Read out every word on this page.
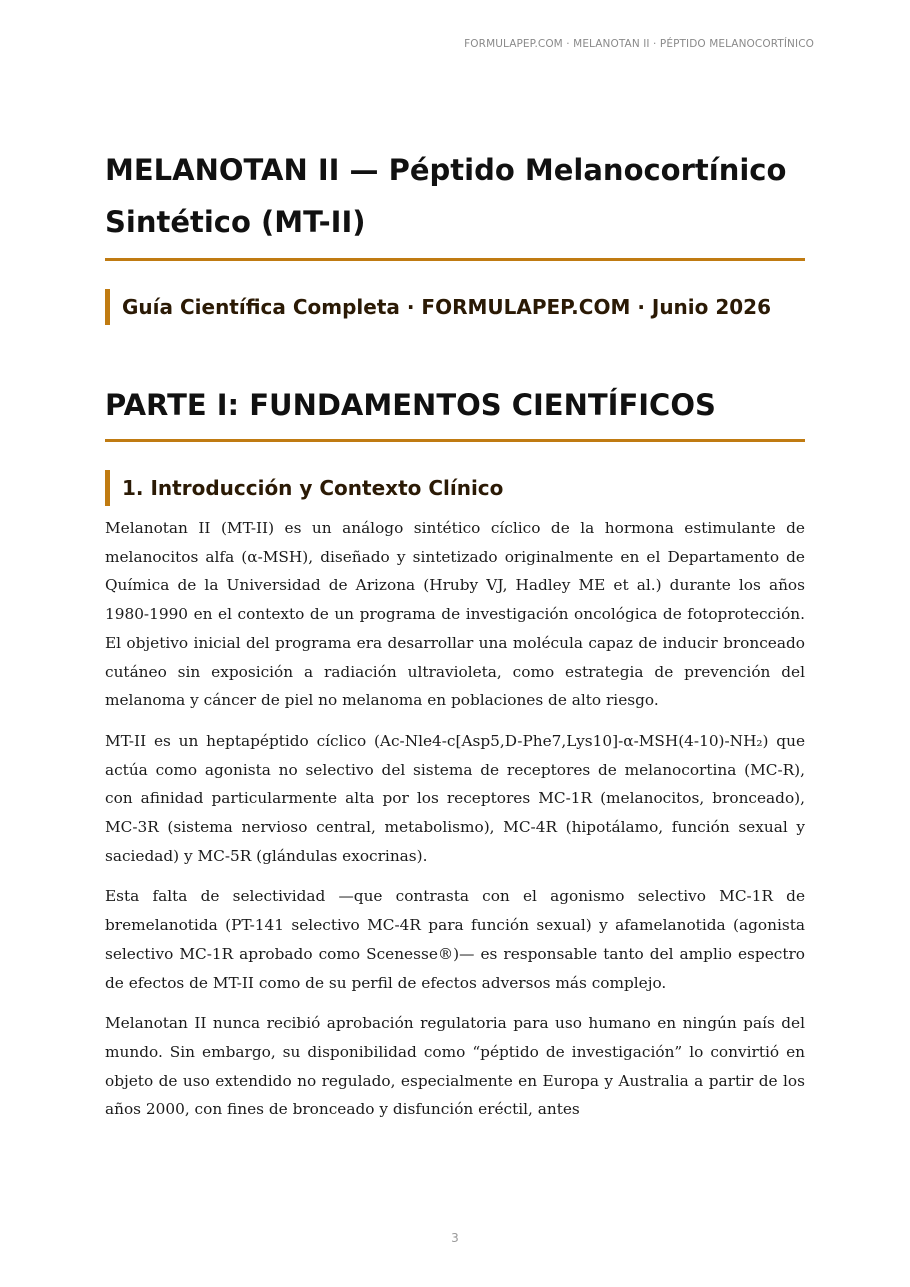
FORMULAPEP.COM · MELANOTAN II · PÉPTIDO MELANOCORTÍNICO
MELANOTAN II — Péptido Melanocortínico Sintético (MT-II)
Guía Científica Completa · FORMULAPEP.COM · Junio 2026
PARTE I: FUNDAMENTOS CIENTÍFICOS
1. Introducción y Contexto Clínico

Melanotan II (MT-II) es un análogo sintético cíclico de la hormona estimulante de melanocitos alfa (α-MSH), diseñado y sintetizado originalmente en el Departamento de Química de la Universidad de Arizona (Hruby VJ, Hadley ME et al.) durante los años 1980-1990 en el contexto de un programa de investigación oncológica de fotoprotección. El objetivo inicial del programa era desarrollar una molécula capaz de inducir bronceado cutáneo sin exposición a radiación ultravioleta, como estrategia de prevención del melanoma y cáncer de piel no melanoma en poblaciones de alto riesgo.

MT-II es un heptapéptido cíclico (Ac-Nle4-c[Asp5,D-Phe7,Lys10]-α-MSH(4-10)-NH₂) que actúa como agonista no selectivo del sistema de receptores de melanocortina (MC-R), con afinidad particularmente alta por los receptores MC-1R (melanocitos, bronceado), MC-3R (sistema nervioso central, metabolismo), MC-4R (hipotálamo, función sexual y saciedad) y MC-5R (glándulas exocrinas).

Esta falta de selectividad —que contrasta con el agonismo selectivo MC-1R de bremelanotida (PT-141 selectivo MC-4R para función sexual) y afamelanotida (agonista selectivo MC-1R aprobado como Scenesse®)— es responsable tanto del amplio espectro de efectos de MT-II como de su perfil de efectos adversos más complejo.

Melanotan II nunca recibió aprobación regulatoria para uso humano en ningún país del mundo. Sin embargo, su disponibilidad como “péptido de investigación” lo convirtió en objeto de uso extendido no regulado, especialmente en Europa y Australia a partir de los años 2000, con fines de bronceado y disfunción eréctil, antes

3
